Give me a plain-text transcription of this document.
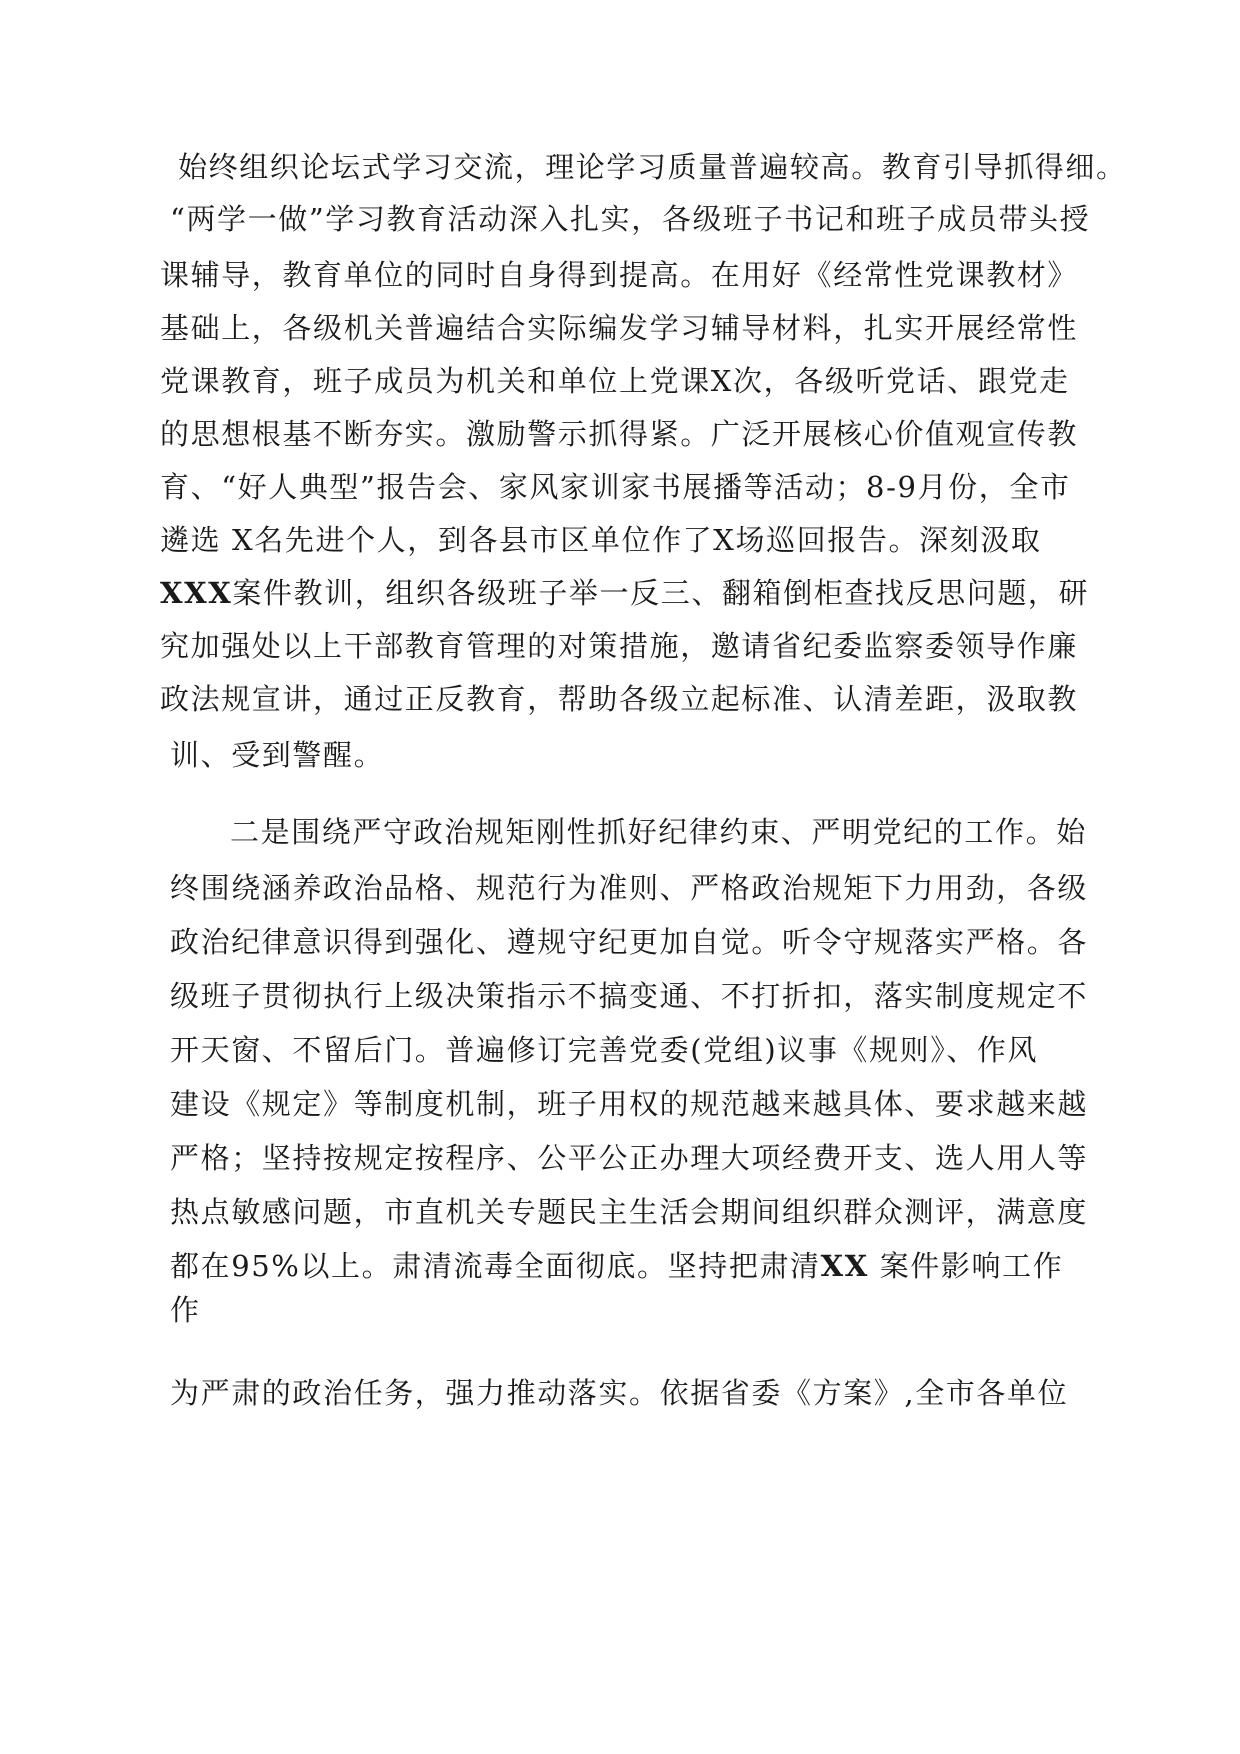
始终组织论坛式学习交流，理论学习质量普遍较高。教育引导抓得细。
“两学一做”学习教育活动深入扎实，各级班子书记和班子成员带头授
课辅导，教育单位的同时自身得到提高。在用好《经常性党课教材》
基础上，各级机关普遍结合实际编发学习辅导材料，扎实开展经常性
党课教育，班子成员为机关和单位上党课X次，各级听党话、跟党走
的思想根基不断夯实。激励警示抓得紧。广泛开展核心价值观宣传教
育、“好人典型”报告会、家风家训家书展播等活动；8-9月份，全市
遴选 X名先进个人，到各县市区单位作了X场巡回报告。深刻汲取
XXX案件教训，组织各级班子举一反三、翻箱倒柜查找反思问题，研
究加强处以上干部教育管理的对策措施，邀请省纪委监察委领导作廉
政法规宣讲，通过正反教育，帮助各级立起标准、认清差距，汲取教
训、受到警醒。
二是围绕严守政治规矩刚性抓好纪律约束、严明党纪的工作。始
终围绕涵养政治品格、规范行为准则、严格政治规矩下力用劲，各级
政治纪律意识得到强化、遵规守纪更加自觉。听令守规落实严格。各
级班子贯彻执行上级决策指示不搞变通、不打折扣，落实制度规定不
开天窗、不留后门。普遍修订完善党委(党组)议事《规则》、作风
建设《规定》等制度机制，班子用权的规范越来越具体、要求越来越
严格；坚持按规定按程序、公平公正办理大项经费开支、选人用人等
热点敏感问题，市直机关专题民主生活会期间组织群众测评，满意度
都在95%以上。肃清流毒全面彻底。坚持把肃清XX 案件影响工作
作
为严肃的政治任务，强力推动落实。依据省委《方案》,全市各单位
